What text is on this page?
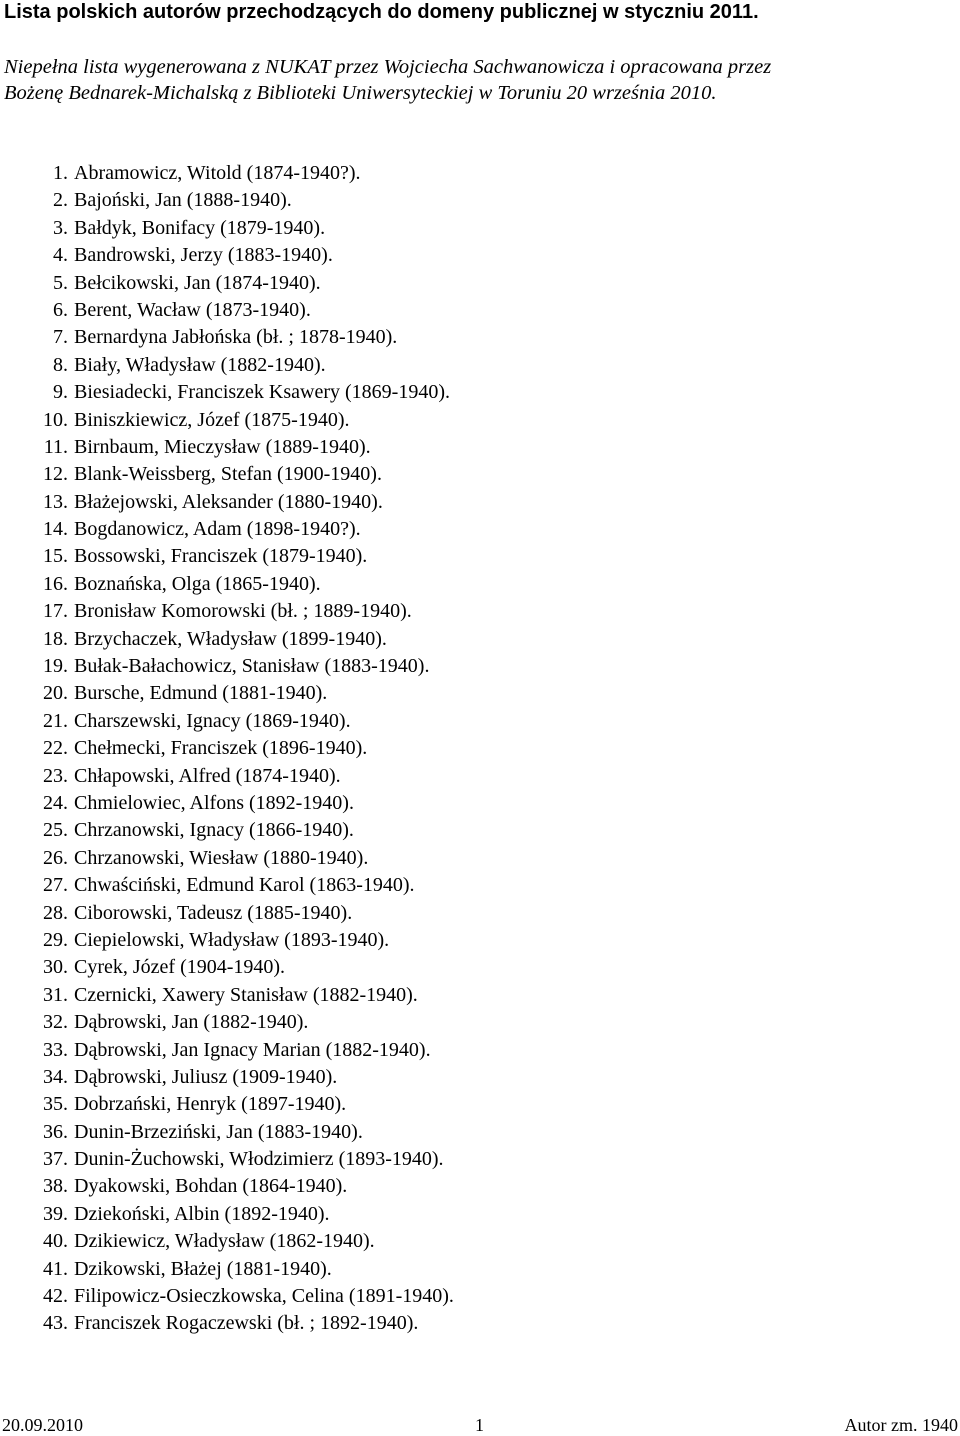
Lista polskich autorów przechodzących do domeny publicznej w styczniu 2011.
Niepełna lista wygenerowana z NUKAT przez Wojciecha Sachwanowicza i opracowana przez
Bożenę Bednarek-Michalską z Biblioteki Uniwersyteckiej w Toruniu 20 września 2010.
1. Abramowicz, Witold (1874-1940?).
2. Bajoński, Jan (1888-1940).
3. Bałdyk, Bonifacy (1879-1940).
4. Bandrowski, Jerzy (1883-1940).
5. Bełcikowski, Jan (1874-1940).
6. Berent, Wacław (1873-1940).
7. Bernardyna Jabłońska (bł. ; 1878-1940).
8. Biały, Władysław (1882-1940).
9. Biesiadecki, Franciszek Ksawery (1869-1940).
10. Biniszkiewicz, Józef (1875-1940).
11. Birnbaum, Mieczysław (1889-1940).
12. Blank-Weissberg, Stefan (1900-1940).
13. Błażejowski, Aleksander (1880-1940).
14. Bogdanowicz, Adam (1898-1940?).
15. Bossowski, Franciszek (1879-1940).
16. Boznańska, Olga (1865-1940).
17. Bronisław Komorowski (bł. ; 1889-1940).
18. Brzychaczek, Władysław (1899-1940).
19. Bułak-Bałachowicz, Stanisław (1883-1940).
20. Bursche, Edmund (1881-1940).
21. Charszewski, Ignacy (1869-1940).
22. Chełmecki, Franciszek (1896-1940).
23. Chłapowski, Alfred (1874-1940).
24. Chmielowiec, Alfons (1892-1940).
25. Chrzanowski, Ignacy (1866-1940).
26. Chrzanowski, Wiesław (1880-1940).
27. Chwaściński, Edmund Karol (1863-1940).
28. Ciborowski, Tadeusz (1885-1940).
29. Ciepielowski, Władysław (1893-1940).
30. Cyrek, Józef (1904-1940).
31. Czernicki, Xawery Stanisław (1882-1940).
32. Dąbrowski, Jan (1882-1940).
33. Dąbrowski, Jan Ignacy Marian (1882-1940).
34. Dąbrowski, Juliusz (1909-1940).
35. Dobrzański, Henryk (1897-1940).
36. Dunin-Brzeziński, Jan (1883-1940).
37. Dunin-Żuchowski, Włodzimierz (1893-1940).
38. Dyakowski, Bohdan (1864-1940).
39. Dziekoński, Albin (1892-1940).
40. Dzikiewicz, Władysław (1862-1940).
41. Dzikowski, Błażej (1881-1940).
42. Filipowicz-Osieczkowska, Celina (1891-1940).
43. Franciszek Rogaczewski (bł. ; 1892-1940).
20.09.2010	1	Autor zm. 1940
